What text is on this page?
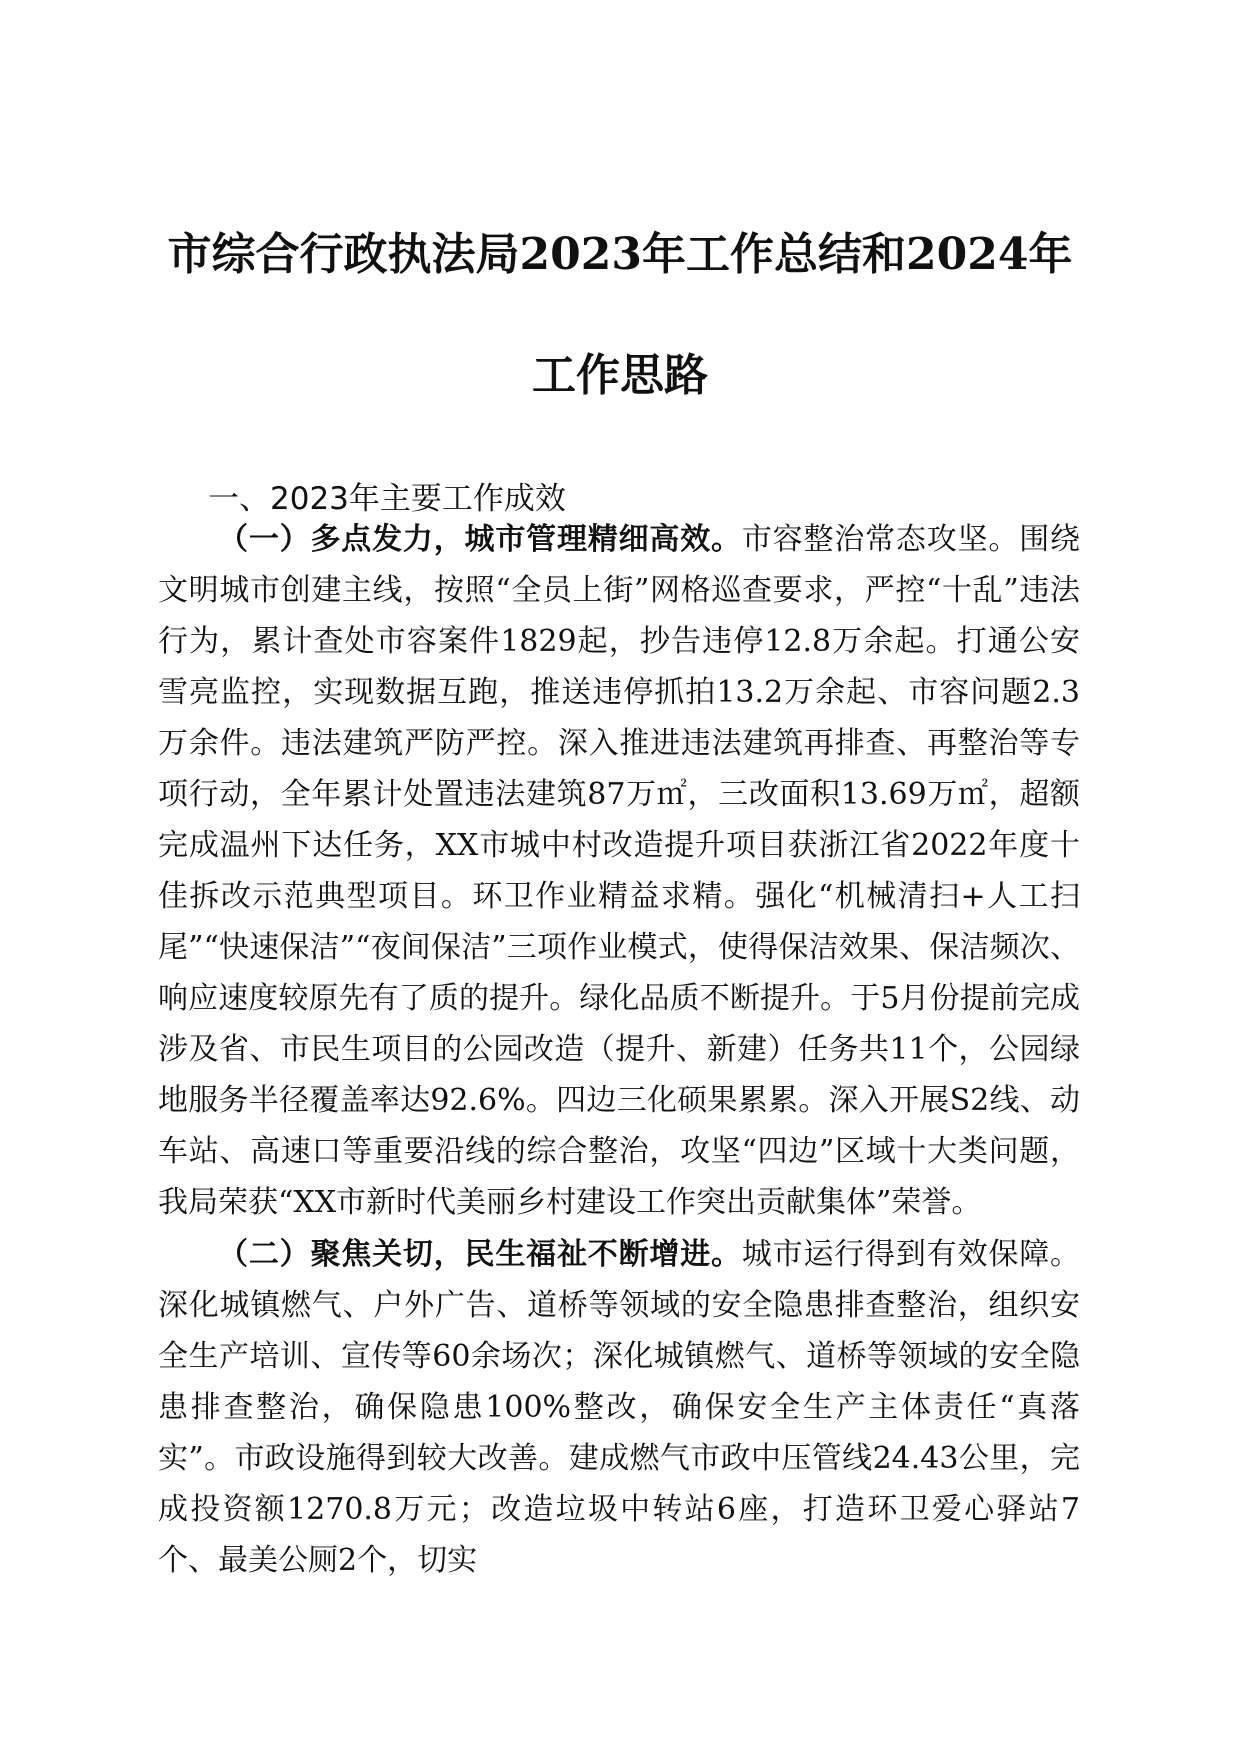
市综合行政执法局2023年工作总结和2024年
工作思路
一、2023年主要工作成效

（一）多点发力，城市管理精细高效。市容整治常态攻坚。围绕文明城市创建主线，按照“全员上街”网格巡查要求，严控“十乱”违法行为，累计查处市容案件1829起，抄告违停12.8万余起。打通公安雪亮监控，实现数据互跑，推送违停抓拍13.2万余起、市容问题2.3万余件。违法建筑严防严控。深入推进违法建筑再排查、再整治等专项行动，全年累计处置违法建筑87万㎡，三改面积13.69万㎡，超额完成温州下达任务，XX市城中村改造提升项目获浙江省2022年度十佳拆改示范典型项目。环卫作业精益求精。强化“机械清扫+人工扫尾”“快速保洁”“夜间保洁”三项作业模式，使得保洁效果、保洁频次、响应速度较原先有了质的提升。绿化品质不断提升。于5月份提前完成涉及省、市民生项目的公园改造（提升、新建）任务共11个，公园绿地服务半径覆盖率达92.6%。四边三化硕果累累。深入开展S2线、动车站、高速口等重要沿线的综合整治，攻坚“四边”区域十大类问题，我局荣获“XX市新时代美丽乡村建设工作突出贡献集体”荣誉。

（二）聚焦关切，民生福祉不断增进。城市运行得到有效保障。深化城镇燃气、户外广告、道桥等领域的安全隐患排查整治，组织安全生产培训、宣传等60余场次；深化城镇燃气、道桥等领域的安全隐患排查整治，确保隐患100%整改，确保安全生产主体责任“真落实”。市政设施得到较大改善。建成燃气市政中压管线24.43公里，完成投资额1270.8万元；改造垃圾中转站6座，打造环卫爱心驿站7个、最美公厕2个，切实
